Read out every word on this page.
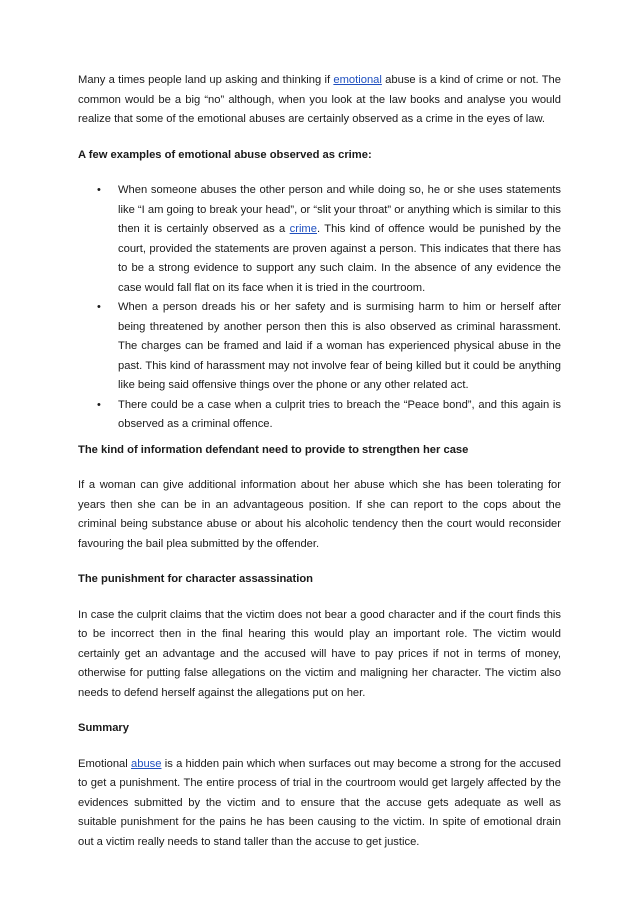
Many a times people land up asking and thinking if emotional abuse is a kind of crime or not. The common would be a big “no” although, when you look at the law books and analyse you would realize that some of the emotional abuses are certainly observed as a crime in the eyes of law.

A few examples of emotional abuse observed as crime:

• When someone abuses the other person and while doing so, he or she uses statements like “I am going to break your head”, or “slit your throat” or anything which is similar to this then it is certainly observed as a crime. This kind of offence would be punished by the court, provided the statements are proven against a person. This indicates that there has to be a strong evidence to support any such claim. In the absence of any evidence the case would fall flat on its face when it is tried in the courtroom.
• When a person dreads his or her safety and is surmising harm to him or herself after being threatened by another person then this is also observed as criminal harassment. The charges can be framed and laid if a woman has experienced physical abuse in the past. This kind of harassment may not involve fear of being killed but it could be anything like being said offensive things over the phone or any other related act.
• There could be a case when a culprit tries to breach the “Peace bond”, and this again is observed as a criminal offence.

The kind of information defendant need to provide to strengthen her case

If a woman can give additional information about her abuse which she has been tolerating for years then she can be in an advantageous position. If she can report to the cops about the criminal being substance abuse or about his alcoholic tendency then the court would reconsider favouring the bail plea submitted by the offender.

The punishment for character assassination

In case the culprit claims that the victim does not bear a good character and if the court finds this to be incorrect then in the final hearing this would play an important role. The victim would certainly get an advantage and the accused will have to pay prices if not in terms of money, otherwise for putting false allegations on the victim and maligning her character. The victim also needs to defend herself against the allegations put on her.

Summary

Emotional abuse is a hidden pain which when surfaces out may become a strong for the accused to get a punishment. The entire process of trial in the courtroom would get largely affected by the evidences submitted by the victim and to ensure that the accuse gets adequate as well as suitable punishment for the pains he has been causing to the victim. In spite of emotional drain out a victim really needs to stand taller than the accuse to get justice.
